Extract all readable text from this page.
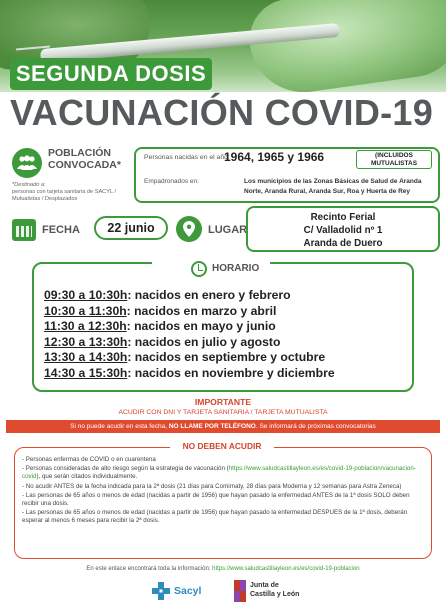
SEGUNDA DOSIS
VACUNACIÓN COVID-19
POBLACIÓN
CONVOCADA*
*Destinado a:
personas con tarjeta sanitaria de SACYL / Mutualistas / Desplazados
Personas nacidas en el año:
1964, 1965 y 1966	(INCLUIDOS
MUTUALISTAS
Empadronados en:	Los municipios de las Zonas Básicas de Salud de Aranda
Norte, Aranda Rural, Aranda Sur, Roa y Huerta de Rey
FECHA	22 junio	LUGAR
Recinto Ferial
C/ Valladolid nº 1
Aranda de Duero
HORARIO
09:30 a 10:30h: nacidos en enero y febrero
10:30 a 11:30h: nacidos en marzo y abril
11:30 a 12:30h: nacidos en mayo y junio
12:30 a 13:30h: nacidos en julio y agosto
13:30 a 14:30h: nacidos en septiembre y octubre
14:30 a 15:30h: nacidos en noviembre y diciembre
IMPORTANTE
ACUDIR CON DNI Y TARJETA SANITARIA / TARJETA MUTUALISTA
Si no puede acudir en esta fecha, NO LLAME POR TELÉFONO. Se informará de próximas convocatorias
NO DEBEN ACUDIR

- Personas enfermas de COVID o en cuarentena

- Personas consideradas de alto riesgo según la estrategia de vacunación (https://www.saludcastillayleon.es/es/covid-19-poblacion/vacunacion-covid), que serán citados individualmente.

- No acudir ANTES de la fecha indicada para la 2ª dosis (21 días para Comirnaty, 28 días para Moderna y 12 semanas para Astra Zeneca)

- Las personas de 65 años o menos de edad (nacidas a partir de 1956) que hayan pasado la enfermedad ANTES de la 1ª dosis SOLO deben recibir una dosis.

- Las personas de 65 años o menos de edad (nacidas a partir de 1956) que hayan pasado la enfermedad DESPUES de la 1ª dosis, deberán esperar al menos 6 meses para recibir la 2ª dosis.

En este enlace encontrará toda la información: https://www.saludcastillayleon.es/es/covid-19-poblacion
Sacyl	Junta de
Castilla y León
